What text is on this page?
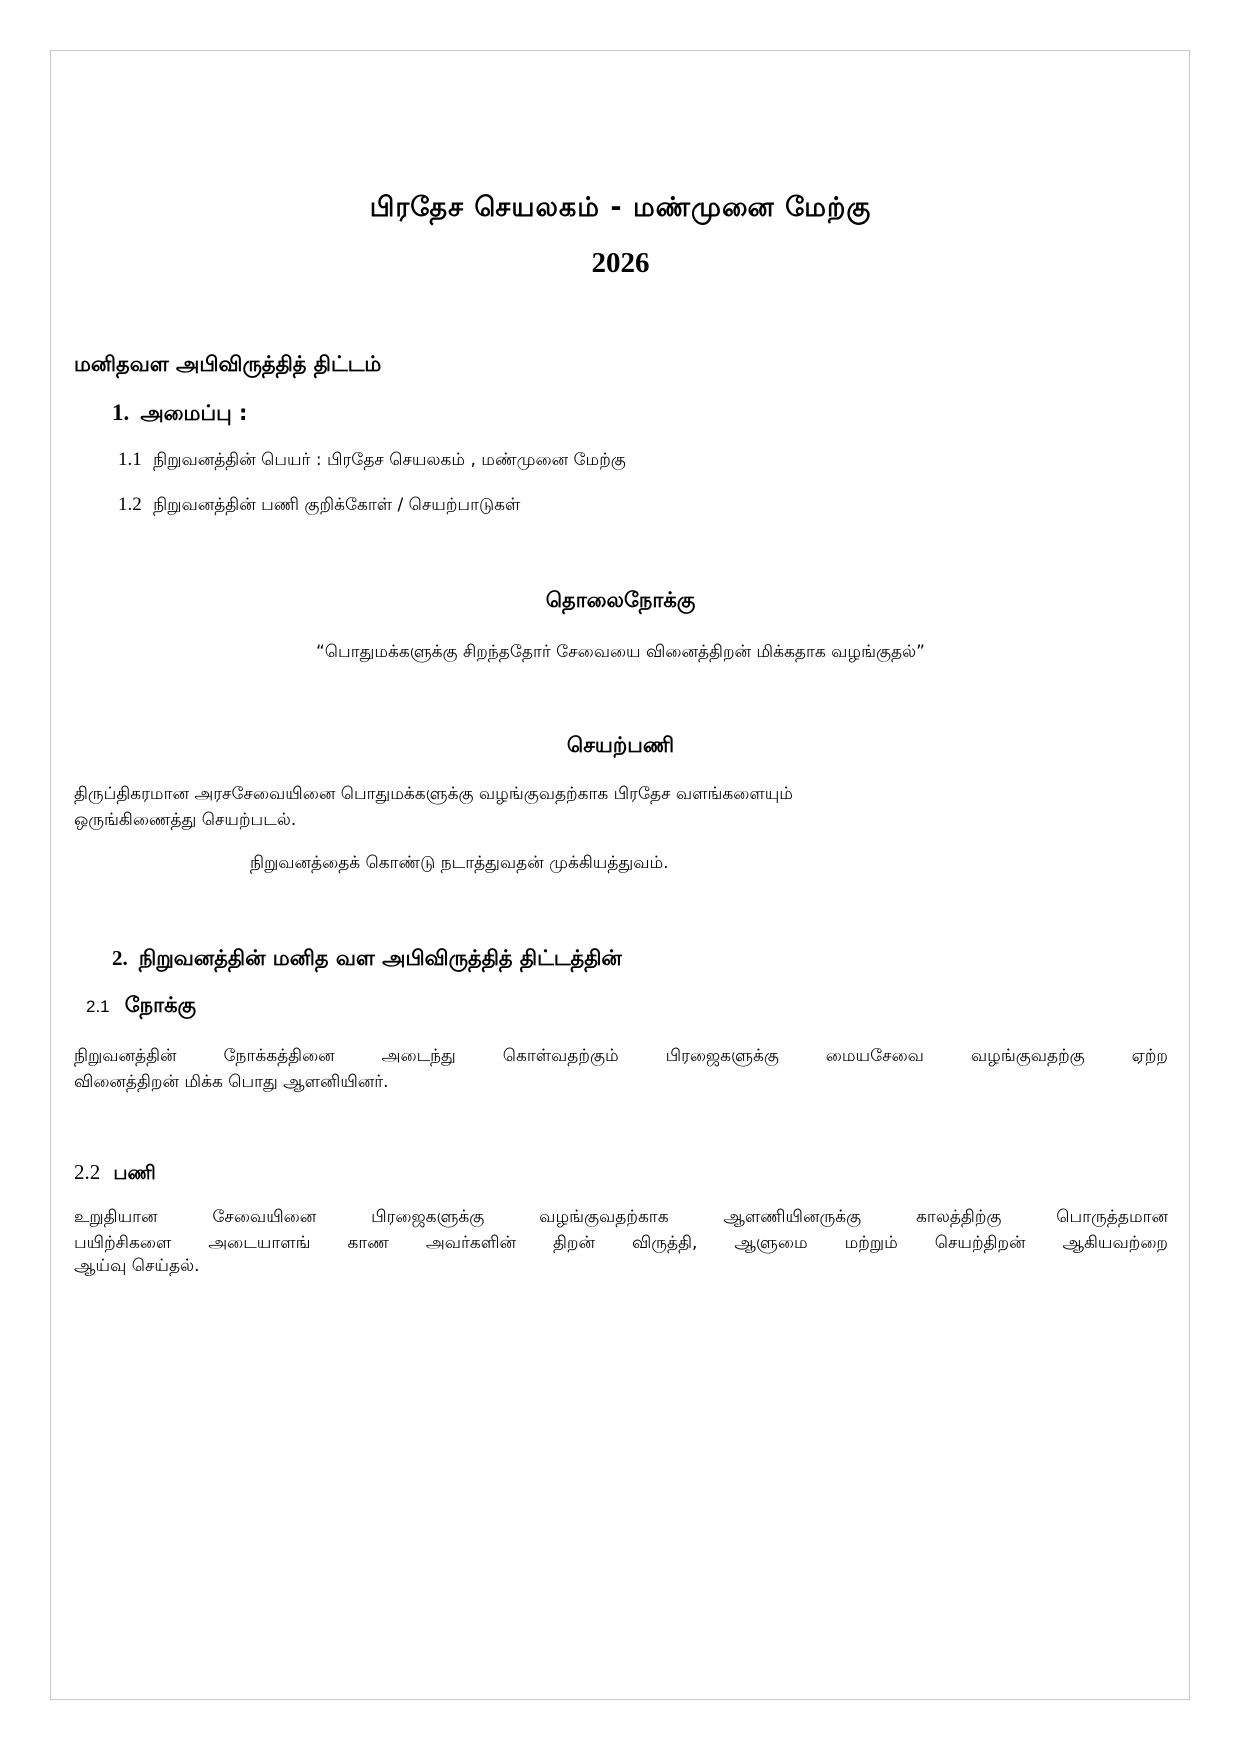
பிரதேச செயலகம் - மண்முனை மேற்கு
2026
மனிதவள அபிவிருத்தித் திட்டம்
1. அமைப்பு :
1.1 நிறுவனத்தின் பெயர் : பிரதேச செயலகம் , மண்முனை மேற்கு
1.2 நிறுவனத்தின் பணி குறிக்கோள் / செயற்பாடுகள்
தொலைநோக்கு
“பொதுமக்களுக்கு சிறந்ததோர் சேவையை வினைத்திறன் மிக்கதாக வழங்குதல்”
செயற்பணி
திருப்திகரமான அரசசேவையினை பொதுமக்களுக்கு வழங்குவதற்காக பிரதேச வளங்களையும்
ஒருங்கிணைத்து செயற்படல்.
நிறுவனத்தைக் கொண்டு நடாத்துவதன் முக்கியத்துவம்.
2. நிறுவனத்தின் மனித வள அபிவிருத்தித் திட்டத்தின்
2.1 நோக்கு
நிறுவனத்தின் நோக்கத்தினை அடைந்து கொள்வதற்கும் பிரஜைகளுக்கு மையசேவை வழங்குவதற்கு ஏற்ற
வினைத்திறன் மிக்க பொது ஆளனியினர்.
2.2 பணி
உறுதியான சேவையினை பிரஜைகளுக்கு வழங்குவதற்காக ஆளணியினருக்கு காலத்திற்கு பொருத்தமான
பயிற்சிகளை அடையாளங் காண அவர்களின் திறன் விருத்தி, ஆளுமை மற்றும் செயற்திறன் ஆகியவற்றை
ஆய்வு செய்தல்.
